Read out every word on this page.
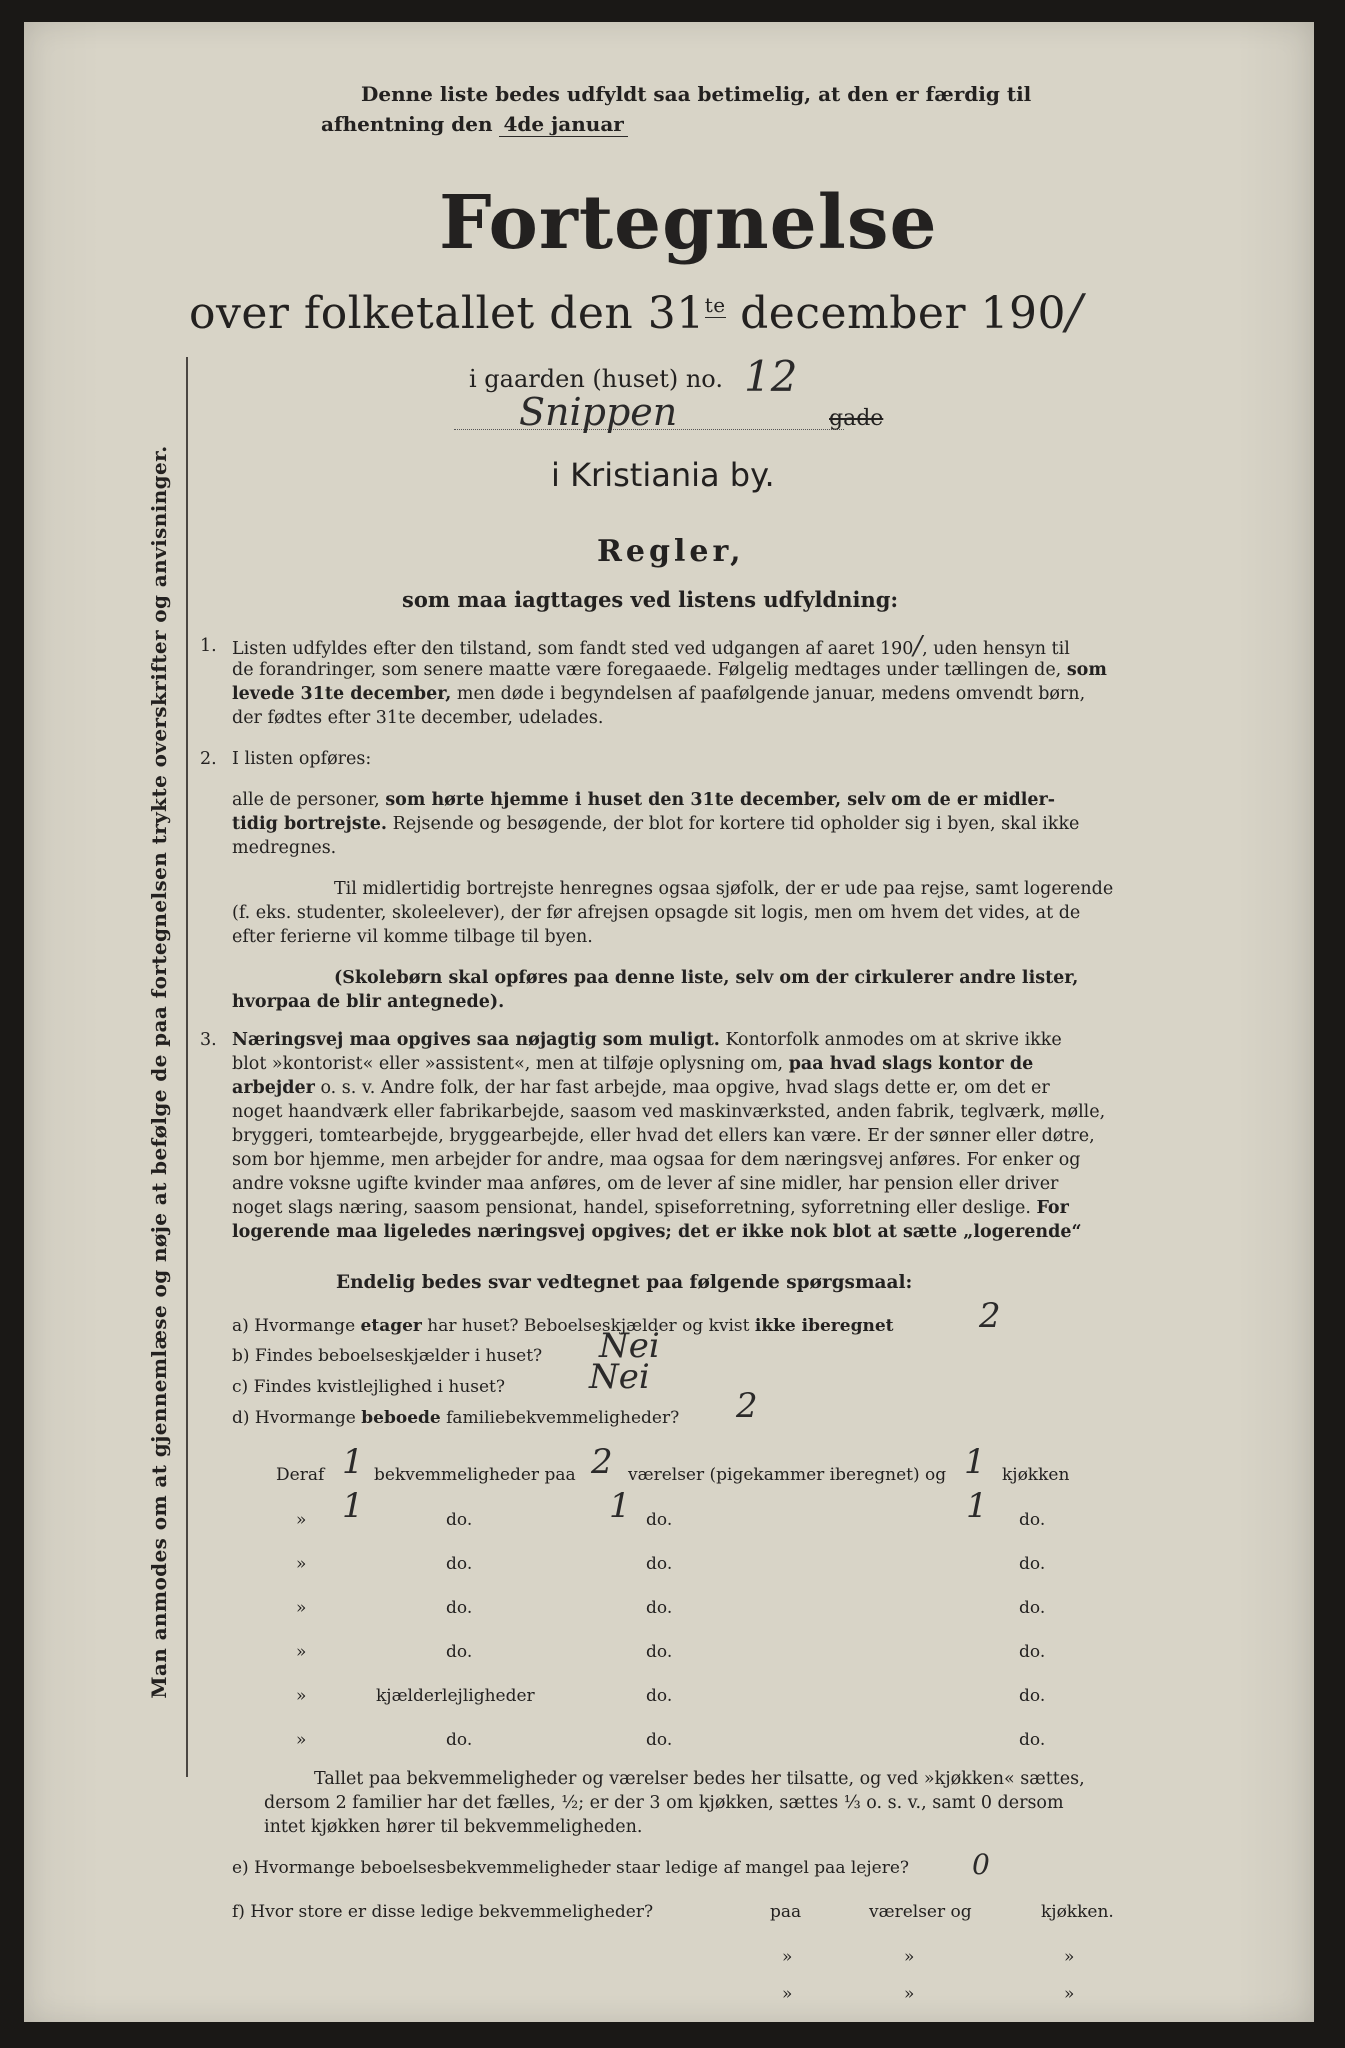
Man anmodes om at gjennemlæse og nøje at befølge de paa fortegnelsen trykte overskrifter og anvisninger.
Denne liste bedes udfyldt saa betimelig, at den er færdig til
afhentning den 4de januar
Fortegnelse
over folketallet den $31^{te}$ december 190/
i gaarden (huset) no. 12
Snippen	gade
i Kristiania by.
Regler,
som maa iagttages ved listens udfyldning:
1. Listen udfyldes efter den tilstand, som fandt sted ved udgangen af aaret 190/, uden hensyn til
de forandringer, som senere maatte være foregaaede. Følgelig medtages under tællingen de, som
levede 31te december, men døde i begyndelsen af paafølgende januar, medens omvendt børn,
der fødtes efter 31te december, udelades.
2. I listen opføres:
alle de personer, som hørte hjemme i huset den 31te december, selv om de er midler-
tidig bortrejste. Rejsende og besøgende, der blot for kortere tid opholder sig i byen, skal ikke
medregnes.
Til midlertidig bortrejste henregnes ogsaa sjøfolk, der er ude paa rejse, samt logerende
(f. eks. studenter, skoleelever), der før afrejsen opsagde sit logis, men om hvem det vides, at de
efter ferierne vil komme tilbage til byen.
(Skolebørn skal opføres paa denne liste, selv om der cirkulerer andre lister,
hvorpaa de blir antegnede).
3. Næringsvej maa opgives saa nøjagtig som muligt. Kontorfolk anmodes om at skrive ikke
blot »kontorist« eller »assistent«, men at tilføje oplysning om, paa hvad slags kontor de
arbejder o. s. v. Andre folk, der har fast arbejde, maa opgive, hvad slags dette er, om det er
noget haandværk eller fabrikarbejde, saasom ved maskinværksted, anden fabrik, teglværk, mølle,
bryggeri, tomtearbejde, bryggearbejde, eller hvad det ellers kan være. Er der sønner eller døtre,
som bor hjemme, men arbejder for andre, maa ogsaa for dem næringsvej anføres. For enker og
andre voksne ugifte kvinder maa anføres, om de lever af sine midler, har pension eller driver
noget slags næring, saasom pensionat, handel, spiseforretning, syforretning eller deslige. For
logerende maa ligeledes næringsvej opgives; det er ikke nok blot at sætte „logerende“
Endelig bedes svar vedtegnet paa følgende spørgsmaal:
a) Hvormange etager har huset? Beboelseskjælder og kvist ikke iberegnet	2
b) Findes beboelseskjælder i huset? Nei
c) Findes kvistlejlighed i huset? Nei
d) Hvormange beboede familiebekvemmeligheder? 2
Deraf 1 bekvemmeligheder paa 2 værelser (pigekammer iberegnet) og 1 kjøkken
» 1	do.	1 do.	1 do.
»	do.	do.	do.
»	do.	do.	do.
»	do.	do.	do.
»	kjælderlejligheder	do.	do.
»	do.	do.	do.
Tallet paa bekvemmeligheder og værelser bedes her tilsatte, og ved »kjøkken« sættes,
dersom 2 familier har det fælles, ½; er der 3 om kjøkken, sættes ⅓ o. s. v., samt 0 dersom
intet kjøkken hører til bekvemmeligheden.
e) Hvormange beboelsesbekvemmeligheder staar ledige af mangel paa lejere? 0
f) Hvor store er disse ledige bekvemmeligheder?	paa	værelser og	kjøkken.
»	»	»
»	»	»
